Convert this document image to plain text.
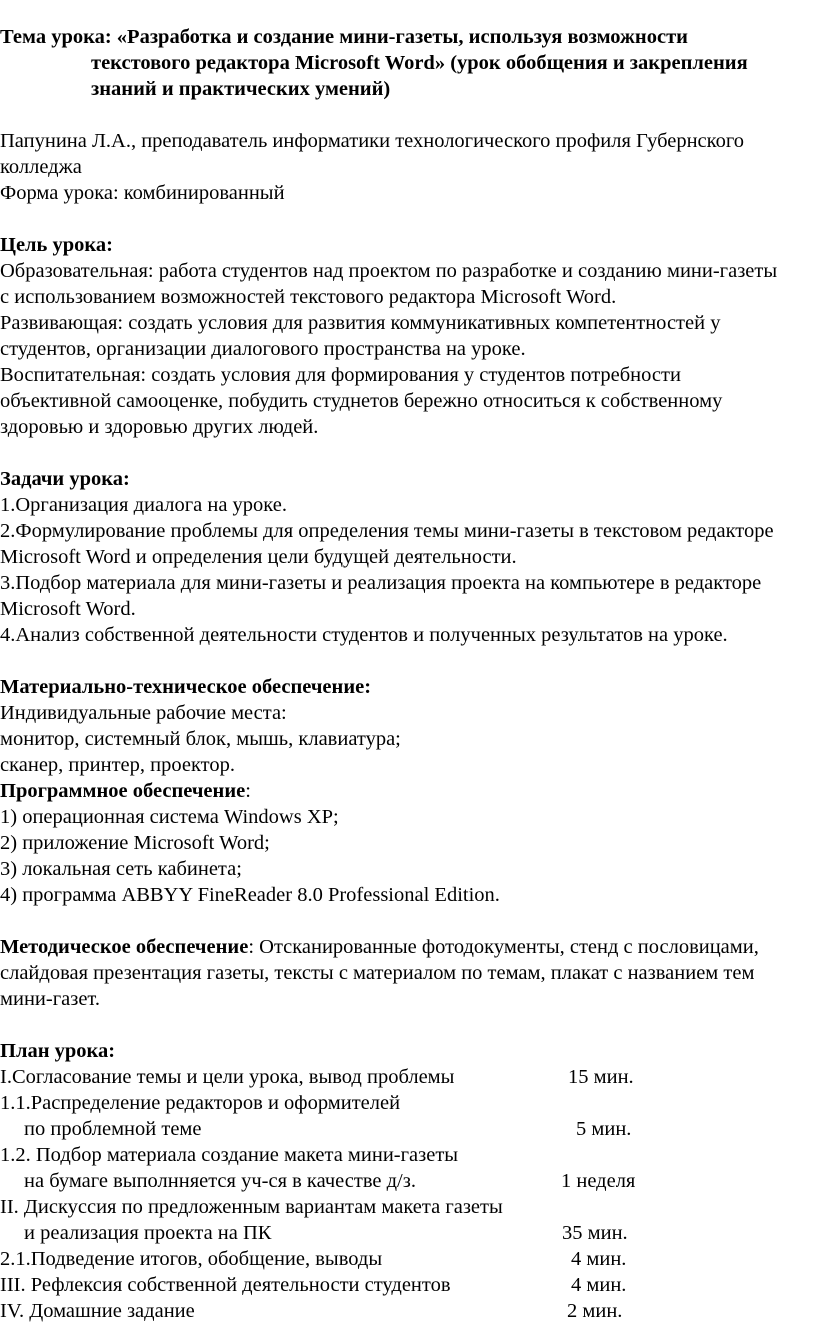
Тема урока: «Разработка и создание мини-газеты, используя возможности
текстового редактора Microsoft Word» (урок обобщения и закрепления
знаний и практических умений)

Папунина Л.А., преподаватель информатики технологического профиля Губернского

колледжа

Форма урока: комбинированный

Цель урока:

Образовательная: работа студентов над проектом по разработке и созданию мини-газеты

с использованием возможностей текстового редактора Microsoft Word.

Развивающая: создать условия для развития коммуникативных компетентностей у

студентов, организации диалогового пространства на уроке.

Воспитательная: создать условия для формирования у студентов потребности

объективной самооценке, побудить студнетов бережно относиться к собственному

здоровью и здоровью других людей.

Задачи урока:

1.Организация диалога на уроке.

2.Формулирование проблемы для определения темы мини-газеты в текстовом редакторе

Microsoft Word и определения цели будущей деятельности.

3.Подбор материала для мини-газеты и реализация проекта на компьютере в редакторе

Microsoft Word.

4.Анализ собственной деятельности студентов и полученных результатов на уроке.

Материально-техническое обеспечение:

Индивидуальные рабочие места:

монитор, системный блок, мышь, клавиатура;

сканер, принтер, проектор.

Программное обеспечение:

1) операционная система Windows XP;

2) приложение Microsoft Word;

3) локальная сеть кабинета;

4) программа ABBYY FineReader 8.0 Professional Edition.

Методическое обеспечение: Отсканированные фотодокументы, стенд с пословицами,

слайдовая презентация газеты, тексты с материалом по темам, плакат с названием тем

мини-газет.

План урока:

I.Согласование темы и цели урока, вывод проблемы	15 мин.
1.1.Распределение редакторов и оформителей
по проблемной теме	5 мин.
1.2. Подбор материала создание макета мини-газеты
на бумаге выполнняется уч-ся в качестве д/з.	1 неделя
II. Дискуссия по предложенным вариантам макета газеты
и реализация проекта на ПК	35 мин.
2.1.Подведение итогов, обобщение, выводы	4 мин.
III. Рефлексия собственной деятельности студентов	4 мин.
IV. Домашние задание	2 мин.
